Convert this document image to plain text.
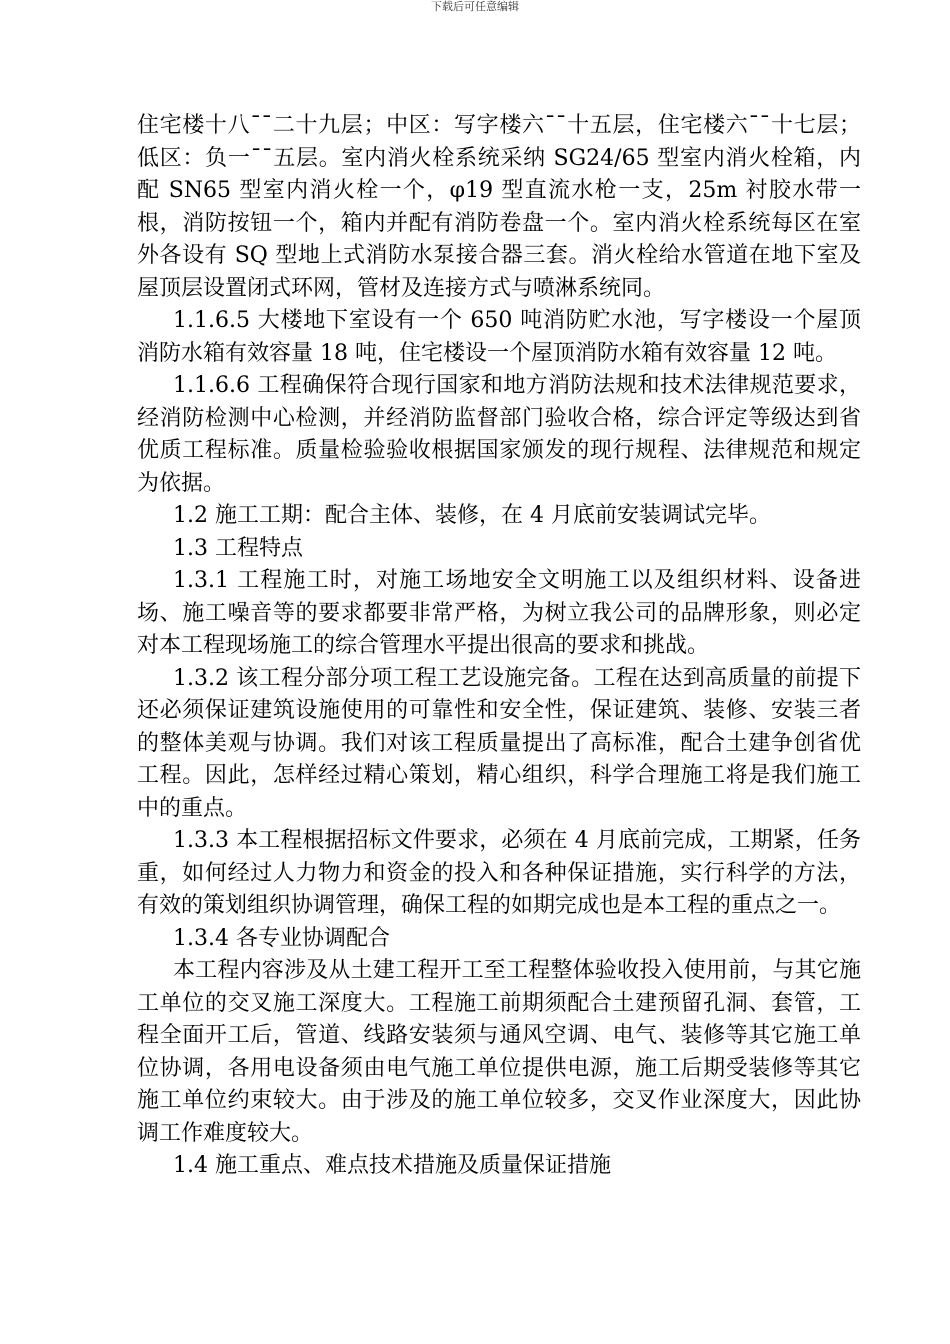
下载后可任意编辑

住宅楼十八¯¯二十九层；中区：写字楼六¯¯十五层，住宅楼六¯¯十七层；低区：负一¯¯五层。室内消火栓系统采纳 SG24/65 型室内消火栓箱，内配 SN65 型室内消火栓一个，φ19 型直流水枪一支，25m 衬胶水带一根，消防按钮一个，箱内并配有消防卷盘一个。室内消火栓系统每区在室外各设有 SQ 型地上式消防水泵接合器三套。消火栓给水管道在地下室及屋顶层设置闭式环网，管材及连接方式与喷淋系统同。

1.1.6.5 大楼地下室设有一个 650 吨消防贮水池，写字楼设一个屋顶消防水箱有效容量 18 吨，住宅楼设一个屋顶消防水箱有效容量 12 吨。

1.1.6.6 工程确保符合现行国家和地方消防法规和技术法律规范要求，经消防检测中心检测，并经消防监督部门验收合格，综合评定等级达到省优质工程标准。质量检验验收根据国家颁发的现行规程、法律规范和规定为依据。

1.2 施工工期：配合主体、装修，在 4 月底前安装调试完毕。

1.3 工程特点

1.3.1 工程施工时，对施工场地安全文明施工以及组织材料、设备进场、施工噪音等的要求都要非常严格，为树立我公司的品牌形象，则必定对本工程现场施工的综合管理水平提出很高的要求和挑战。

1.3.2 该工程分部分项工程工艺设施完备。工程在达到高质量的前提下还必须保证建筑设施使用的可靠性和安全性，保证建筑、装修、安装三者的整体美观与协调。我们对该工程质量提出了高标准，配合土建争创省优工程。因此，怎样经过精心策划，精心组织，科学合理施工将是我们施工中的重点。

1.3.3 本工程根据招标文件要求，必须在 4 月底前完成，工期紧，任务重，如何经过人力物力和资金的投入和各种保证措施，实行科学的方法，有效的策划组织协调管理，确保工程的如期完成也是本工程的重点之一。

1.3.4 各专业协调配合

本工程内容涉及从土建工程开工至工程整体验收投入使用前，与其它施工单位的交叉施工深度大。工程施工前期须配合土建预留孔洞、套管，工程全面开工后，管道、线路安装须与通风空调、电气、装修等其它施工单位协调，各用电设备须由电气施工单位提供电源，施工后期受装修等其它施工单位约束较大。由于涉及的施工单位较多，交叉作业深度大，因此协调工作难度较大。

1.4 施工重点、难点技术措施及质量保证措施
